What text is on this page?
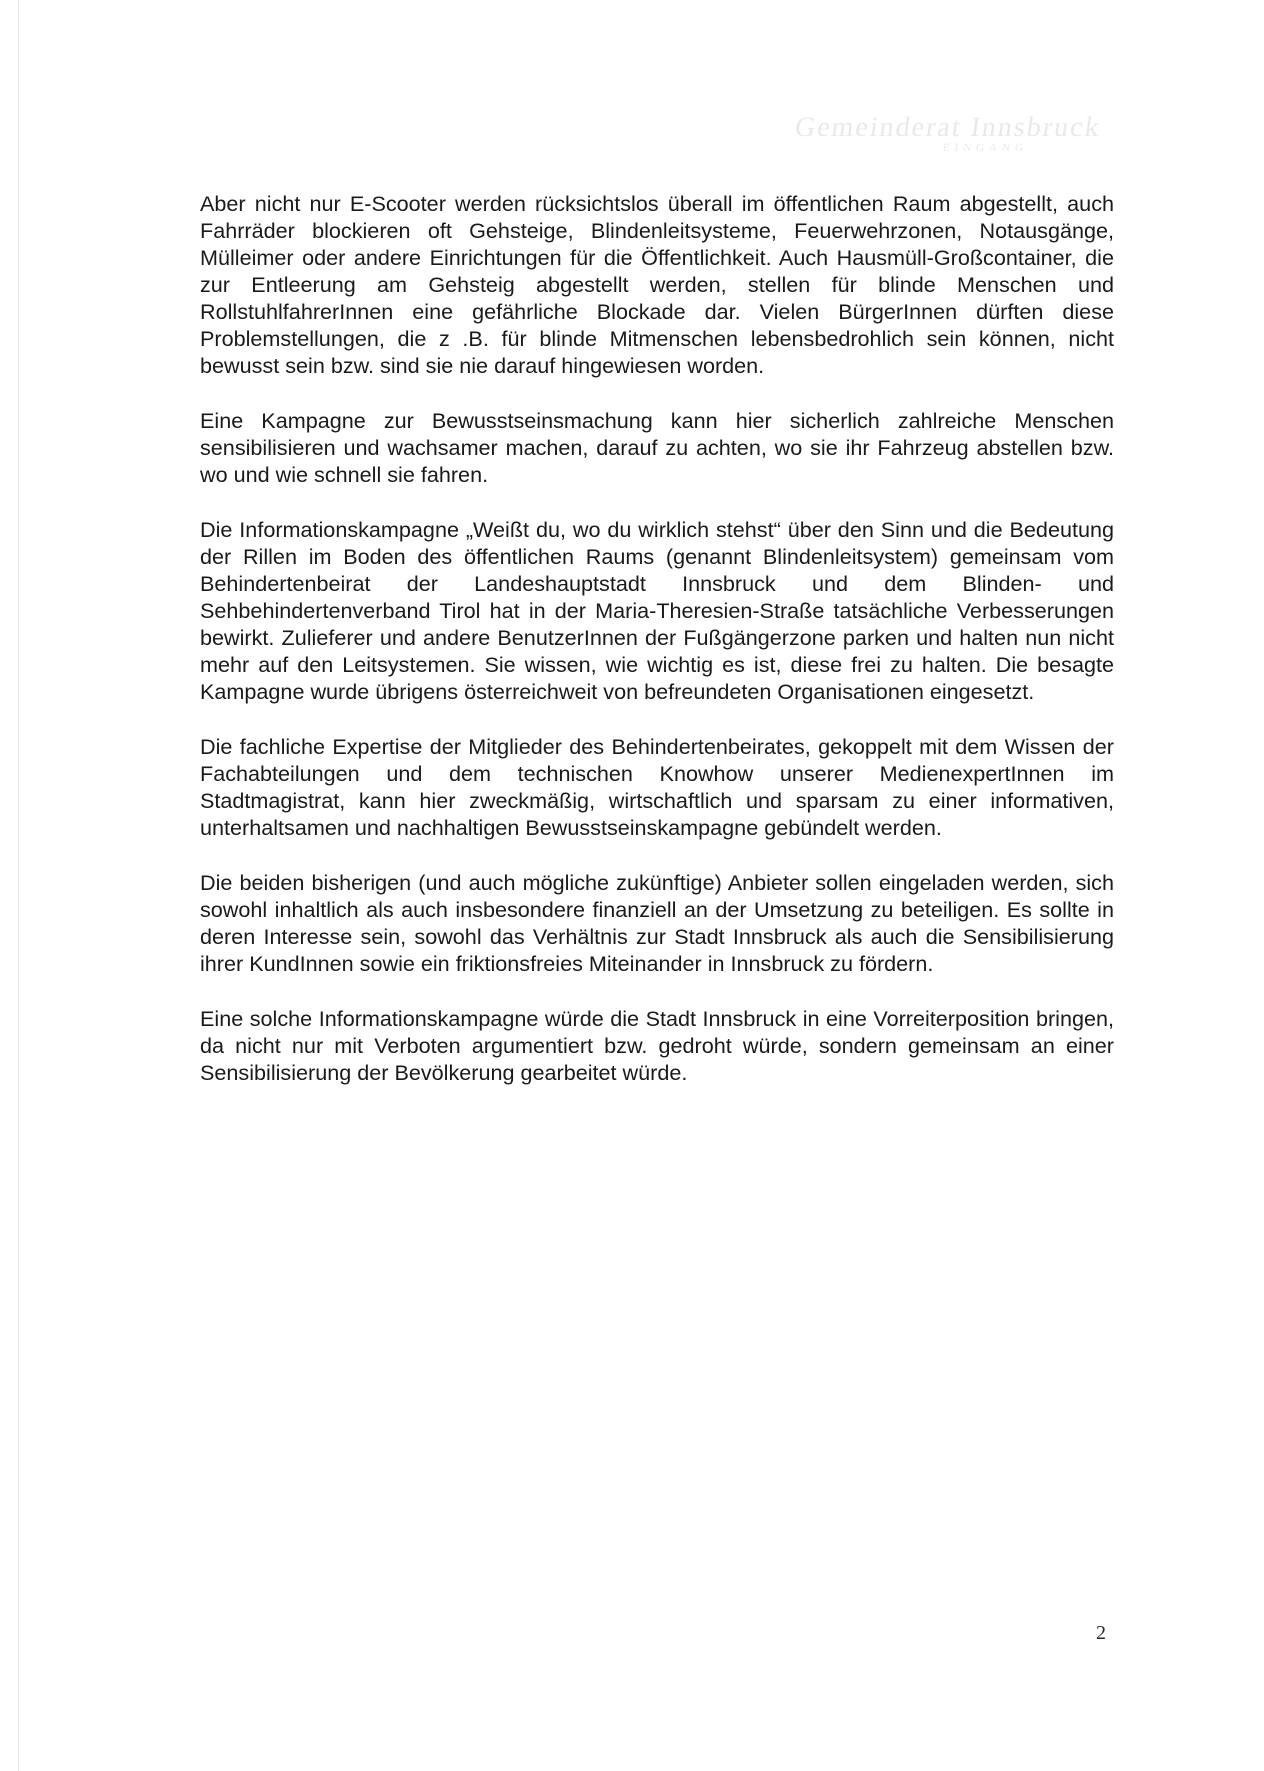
Gemeinderat Innsbruck
EINGANG

Aber nicht nur E-Scooter werden rücksichtslos überall im öffentlichen Raum abgestellt, auch Fahrräder blockieren oft Gehsteige, Blindenleitsysteme, Feuerwehrzonen, Notausgänge, Mülleimer oder andere Einrichtungen für die Öffentlichkeit. Auch Hausmüll-Großcontainer, die zur Entleerung am Gehsteig abgestellt werden, stellen für blinde Menschen und RollstuhlfahrerInnen eine gefährliche Blockade dar. Vielen BürgerInnen dürften diese Problemstellungen, die z .B. für blinde Mitmenschen lebensbedrohlich sein können, nicht bewusst sein bzw. sind sie nie darauf hingewiesen worden.

Eine Kampagne zur Bewusstseinsmachung kann hier sicherlich zahlreiche Menschen sensibilisieren und wachsamer machen, darauf zu achten, wo sie ihr Fahrzeug abstellen bzw. wo und wie schnell sie fahren.

Die Informationskampagne „Weißt du, wo du wirklich stehst“ über den Sinn und die Bedeutung der Rillen im Boden des öffentlichen Raums (genannt Blindenleitsystem) gemeinsam vom Behindertenbeirat der Landeshauptstadt Innsbruck und dem Blinden- und Sehbehindertenverband Tirol hat in der Maria-Theresien-Straße tatsächliche Verbesserungen bewirkt. Zulieferer und andere BenutzerInnen der Fußgängerzone parken und halten nun nicht mehr auf den Leitsystemen. Sie wissen, wie wichtig es ist, diese frei zu halten. Die besagte Kampagne wurde übrigens österreichweit von befreundeten Organisationen eingesetzt.

Die fachliche Expertise der Mitglieder des Behindertenbeirates, gekoppelt mit dem Wissen der Fachabteilungen und dem technischen Knowhow unserer MedienexpertInnen im Stadtmagistrat, kann hier zweckmäßig, wirtschaftlich und sparsam zu einer informativen, unterhaltsamen und nachhaltigen Bewusstseinskampagne gebündelt werden.

Die beiden bisherigen (und auch mögliche zukünftige) Anbieter sollen eingeladen werden, sich sowohl inhaltlich als auch insbesondere finanziell an der Umsetzung zu beteiligen. Es sollte in deren Interesse sein, sowohl das Verhältnis zur Stadt Innsbruck als auch die Sensibilisierung ihrer KundInnen sowie ein friktionsfreies Miteinander in Innsbruck zu fördern.

Eine solche Informationskampagne würde die Stadt Innsbruck in eine Vorreiterposition bringen, da nicht nur mit Verboten argumentiert bzw. gedroht würde, sondern gemeinsam an einer Sensibilisierung der Bevölkerung gearbeitet würde.

2
